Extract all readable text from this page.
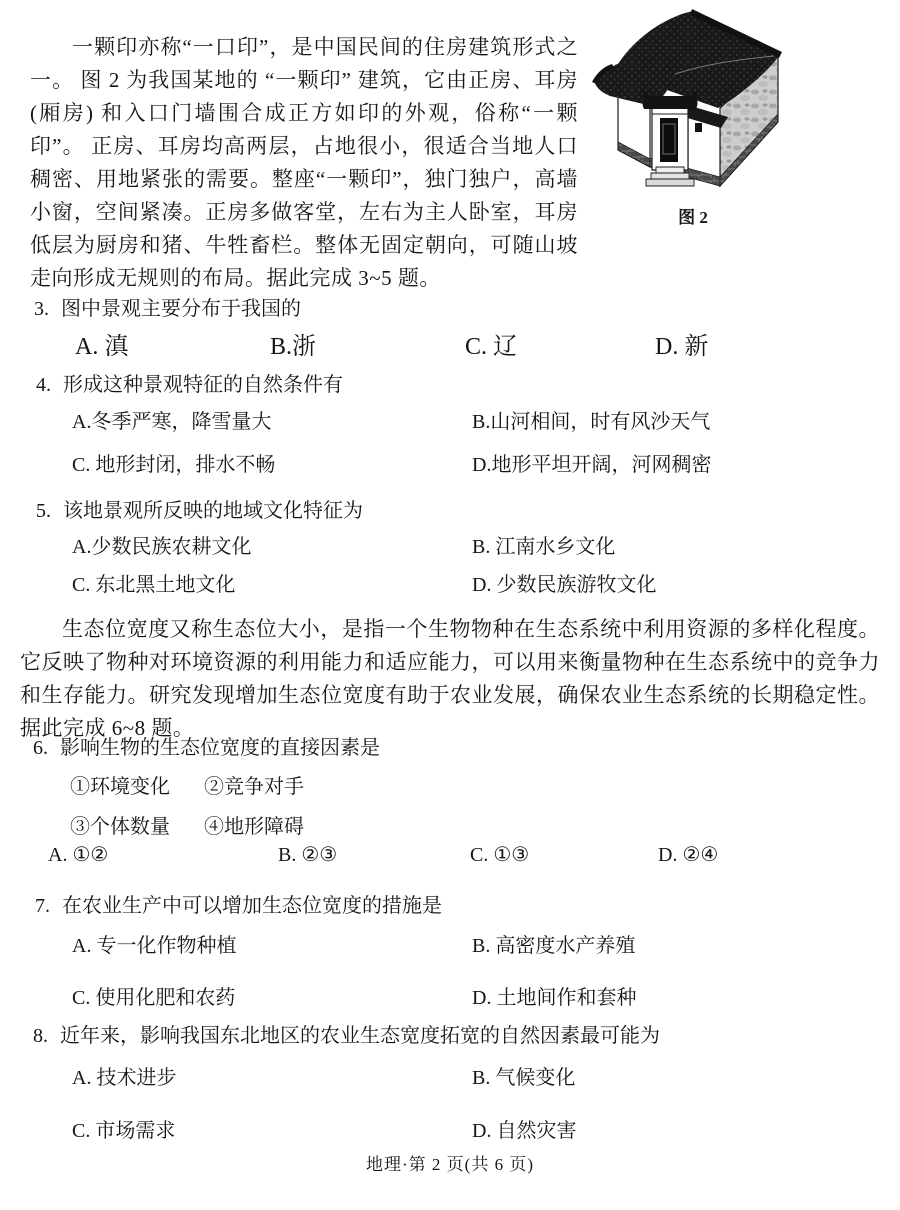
一颗印亦称“一口印”，是中国民间的住房建筑形式之一。 图 2 为我国某地的 “一颗印” 建筑，它由正房、耳房(厢房) 和入口门墙围合成正方如印的外观，俗称“一颗印”。 正房、耳房均高两层，占地很小，很适合当地人口稠密、用地紧张的需要。整座“一颗印”，独门独户，高墙小窗，空间紧凑。正房多做客堂，左右为主人卧室，耳房低层为厨房和猪、牛牲畜栏。整体无固定朝向，可随山坡走向形成无规则的布局。据此完成 3~5 题。

图 2
3. 图中景观主要分布于我国的
A. 滇	B.浙	C. 辽	D. 新
4. 形成这种景观特征的自然条件有
A.冬季严寒，降雪量大	B.山河相间，时有风沙天气
C. 地形封闭，排水不畅	D.地形平坦开阔，河网稠密
5. 该地景观所反映的地域文化特征为
A.少数民族农耕文化	B. 江南水乡文化
C. 东北黑土地文化	D. 少数民族游牧文化

生态位宽度又称生态位大小，是指一个生物物种在生态系统中利用资源的多样化程度。它反映了物种对环境资源的利用能力和适应能力，可以用来衡量物种在生态系统中的竞争力和生存能力。研究发现增加生态位宽度有助于农业发展，确保农业生态系统的长期稳定性。据此完成 6~8 题。

6. 影响生物的生态位宽度的直接因素是
①环境变化 ②竞争对手
③个体数量 ④地形障碍
A. ①②	B. ②③	C. ①③	D. ②④
7. 在农业生产中可以增加生态位宽度的措施是
A. 专一化作物种植	B. 高密度水产养殖
C. 使用化肥和农药	D. 土地间作和套种
8. 近年来，影响我国东北地区的农业生态宽度拓宽的自然因素最可能为
A. 技术进步	B. 气候变化
C. 市场需求	D. 自然灾害
地理·第 2 页(共 6 页)
